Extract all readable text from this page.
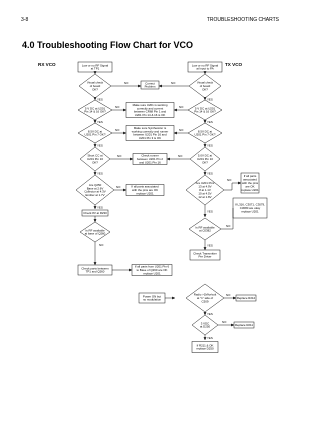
3-8	TROUBLESHOOTING CHARTS
4.0 Troubleshooting Flow Chart for VCO
RX VCO	TX VCO
Low or no RF Signal
at TP1
Low or no RF Signal
at Input to PA
Visual check
of board
OK?
Correct
Problem
Visual check
of board
OK?
NO	NO
YES	YES
5 V DC at U201
Pin 14 & 16 OK?
Make sure U201 is working
correctly and current
between CR68 Pin 1 and
U201 Pin 14 & 16 is OK
5 V DC at U201
Pin 14 & 16 OK?
NO	NO
YES	YES
8.5V DC at
U201 Pin 7 OK?
Make sure Synthesizer is
working correctly and runner
between U201 Pin 16 and
U201 Pin 3 is OK
8.5V DC at
U201 Pin 7 OK?
NO	NO
YES	YES
Short CC at
U201 Pin 16
OK?
Check runner
between U201 Pin 2
and U201 Pin 16
5.0V DC at
U201 Pin 10
OK?
NO	NO
YES	YES
Are Q250
Base at 2.6V
Collector at 4.3V
Emitter at 1.7V
If all parts associated
with the pins are OK
replace U201
Are U201 Pins
13 at 4.9V
8 at 1.1V
10 at 4.5V
12 at 1.8V
If all parts
associated
with the pins
are OK
replace U201
NO
NO
YES
YES
Check 8V at R230
Is RF available
at base of Q260
NO
Check parts between
TP1 and Q260
If all parts from U201 Pin 6
to Base of Q260 are OK
replace U201
Is RF available
at C0382
If L316, C3071, C3079,
C3080 are okay
replace U201
NO
YES
Check Transmitter
Pre Driver
Power ON but
no modulation
Radio >1Mhz/volt
at "1" side of
C509
Replace R212
NO
YES
3 VDC
at D250	Replace R211
NO
YES
If R211 & OK
replace D250
